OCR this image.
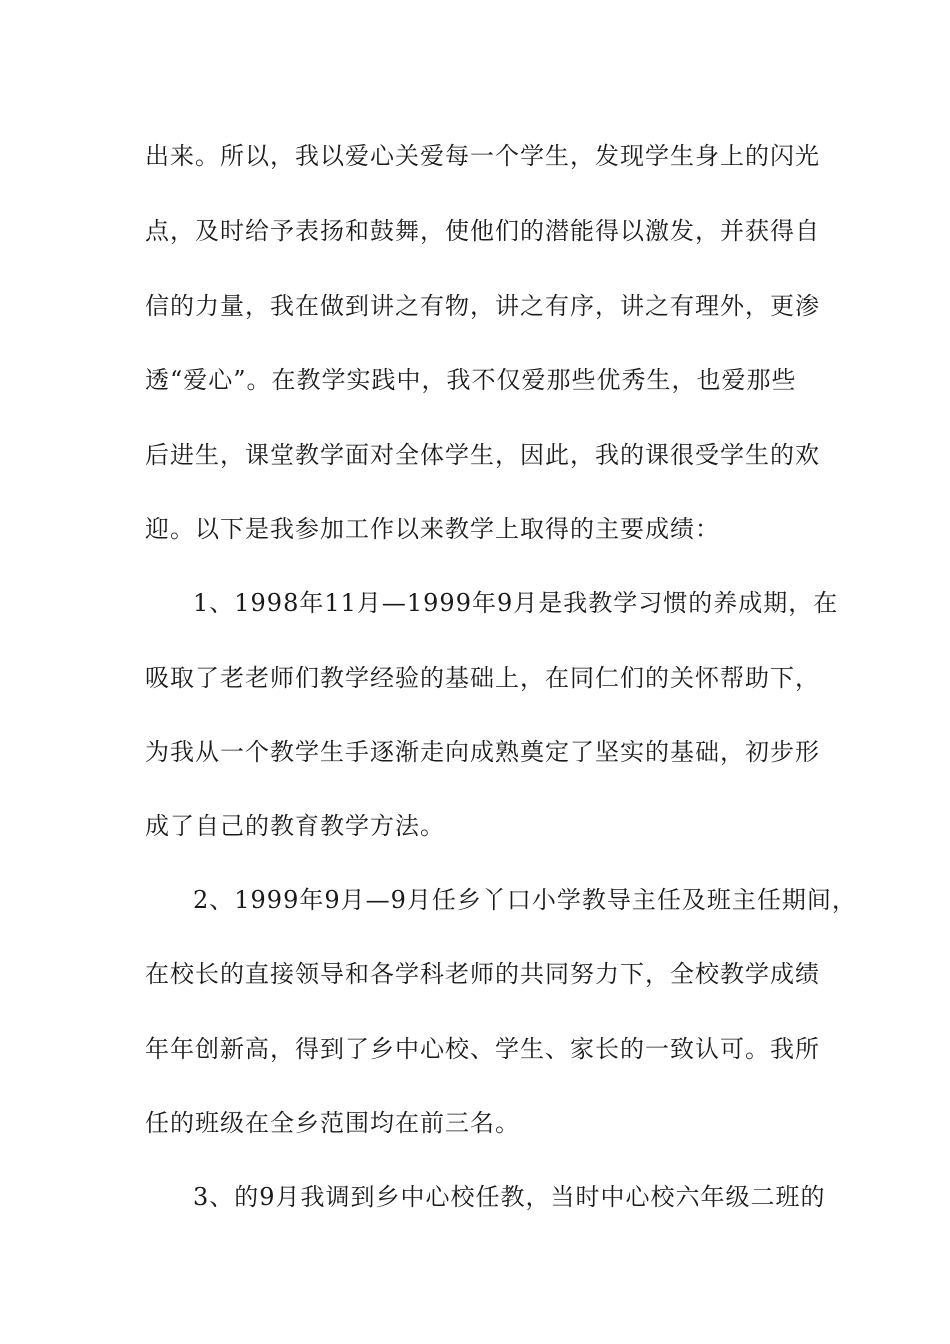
出来。所以，我以爱心关爱每一个学生，发现学生身上的闪光
点，及时给予表扬和鼓舞，使他们的潜能得以激发，并获得自
信的力量，我在做到讲之有物，讲之有序，讲之有理外，更渗
透“爱心”。在教学实践中，我不仅爱那些优秀生，也爱那些
后进生，课堂教学面对全体学生，因此，我的课很受学生的欢
迎。以下是我参加工作以来教学上取得的主要成绩：
1、1998年11月—1999年9月是我教学习惯的养成期，在
吸取了老老师们教学经验的基础上，在同仁们的关怀帮助下，
为我从一个教学生手逐渐走向成熟奠定了坚实的基础，初步形
成了自己的教育教学方法。
2、1999年9月—9月任乡丫口小学教导主任及班主任期间，
在校长的直接领导和各学科老师的共同努力下，全校教学成绩
年年创新高，得到了乡中心校、学生、家长的一致认可。我所
任的班级在全乡范围均在前三名。
3、的9月我调到乡中心校任教，当时中心校六年级二班的
